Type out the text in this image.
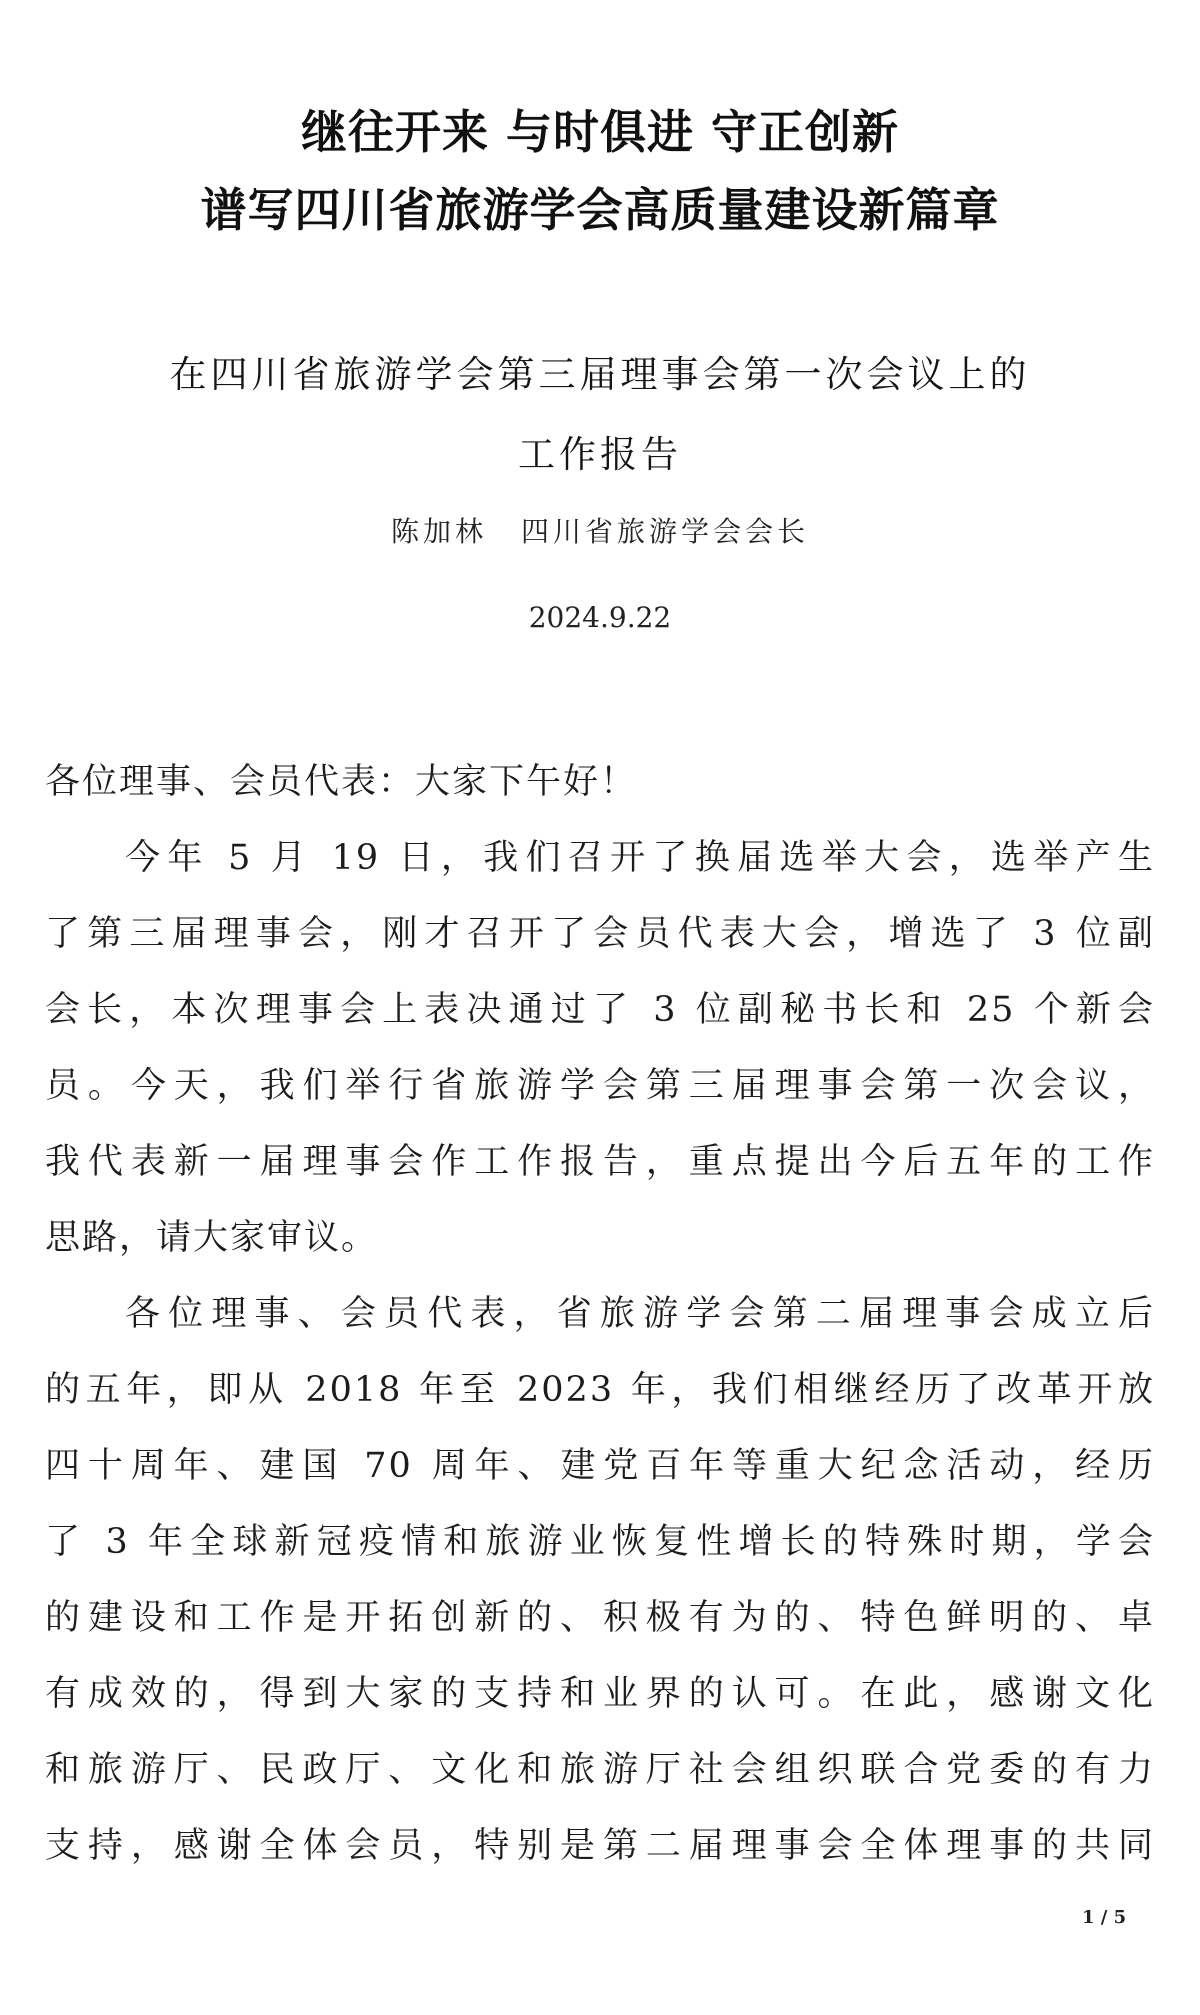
继往开来 与时俱进 守正创新
谱写四川省旅游学会高质量建设新篇章
在四川省旅游学会第三届理事会第一次会议上的
工作报告
陈加林 四川省旅游学会会长
2024.9.22
各位理事、会员代表：大家下午好！
今年 5 月 19 日，我们召开了换届选举大会，选举产生
了第三届理事会，刚才召开了会员代表大会，增选了 3 位副
会长，本次理事会上表决通过了 3 位副秘书长和 25 个新会
员。今天，我们举行省旅游学会第三届理事会第一次会议，
我代表新一届理事会作工作报告，重点提出今后五年的工作
思路，请大家审议。
各位理事、会员代表，省旅游学会第二届理事会成立后
的五年，即从 2018 年至 2023 年，我们相继经历了改革开放
四十周年、建国 70 周年、建党百年等重大纪念活动，经历
了 3 年全球新冠疫情和旅游业恢复性增长的特殊时期，学会
的建设和工作是开拓创新的、积极有为的、特色鲜明的、卓
有成效的，得到大家的支持和业界的认可。在此，感谢文化
和旅游厅、民政厅、文化和旅游厅社会组织联合党委的有力
支持，感谢全体会员，特别是第二届理事会全体理事的共同
1 / 5
